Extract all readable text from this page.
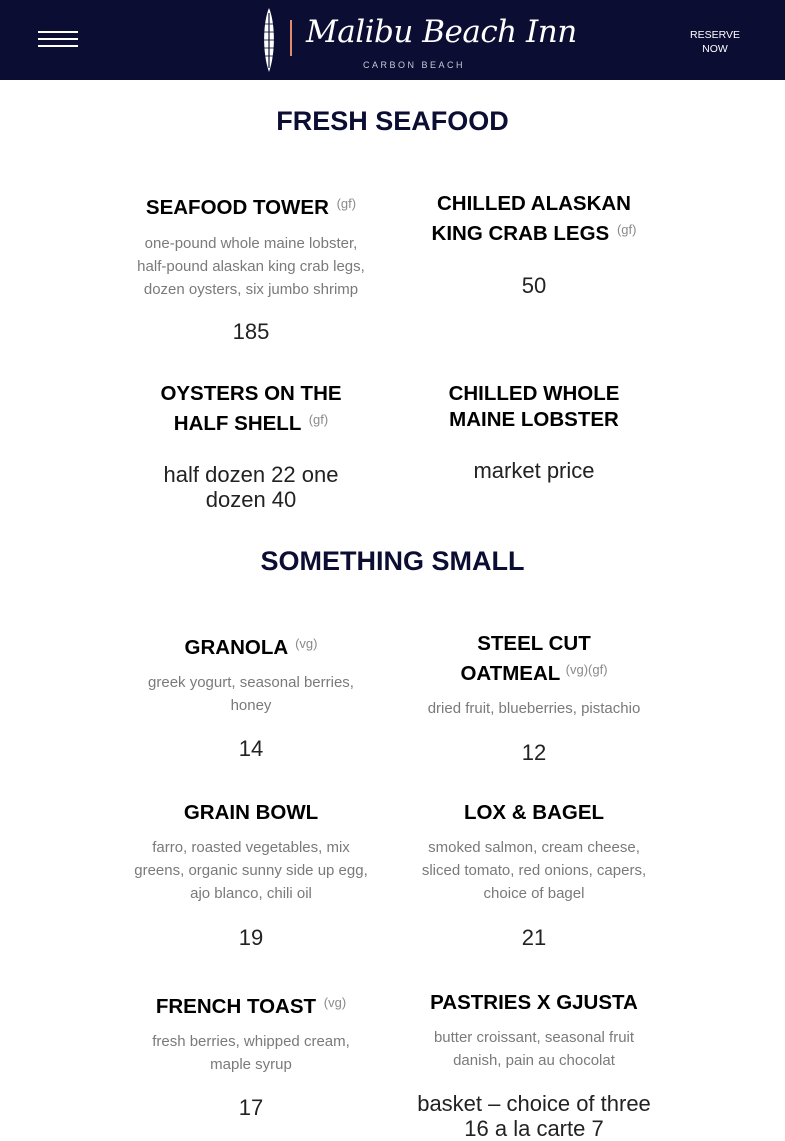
Malibu Beach Inn
CARBON BEACH
RESERVE
NOW
FRESH SEAFOOD

SEAFOOD TOWER $^{(gf)}$

one-pound whole maine lobster, half-pound alaskan king crab legs, dozen oysters, six jumbo shrimp
185

CHILLED ALASKAN KING CRAB LEGS $^{(gf)}$

50

OYSTERS ON THE HALF SHELL $^{(gf)}$

half dozen 22 one dozen 40

CHILLED WHOLE MAINE LOBSTER

market price
SOMETHING SMALL

GRANOLA $^{(vg)}$

greek yogurt, seasonal berries, honey
14

STEEL CUT OATMEAL $^{(vg)(gf)}$

dried fruit, blueberries, pistachio
12

GRAIN BOWL

farro, roasted vegetables, mix greens, organic sunny side up egg, ajo blanco, chili oil
19

LOX & BAGEL

smoked salmon, cream cheese, sliced tomato, red onions, capers, choice of bagel
21

FRENCH TOAST $^{(vg)}$

fresh berries, whipped cream, maple syrup
17

PASTRIES X GJUSTA

butter croissant, seasonal fruit danish, pain au chocolat
basket – choice of three 16 a la carte 7
